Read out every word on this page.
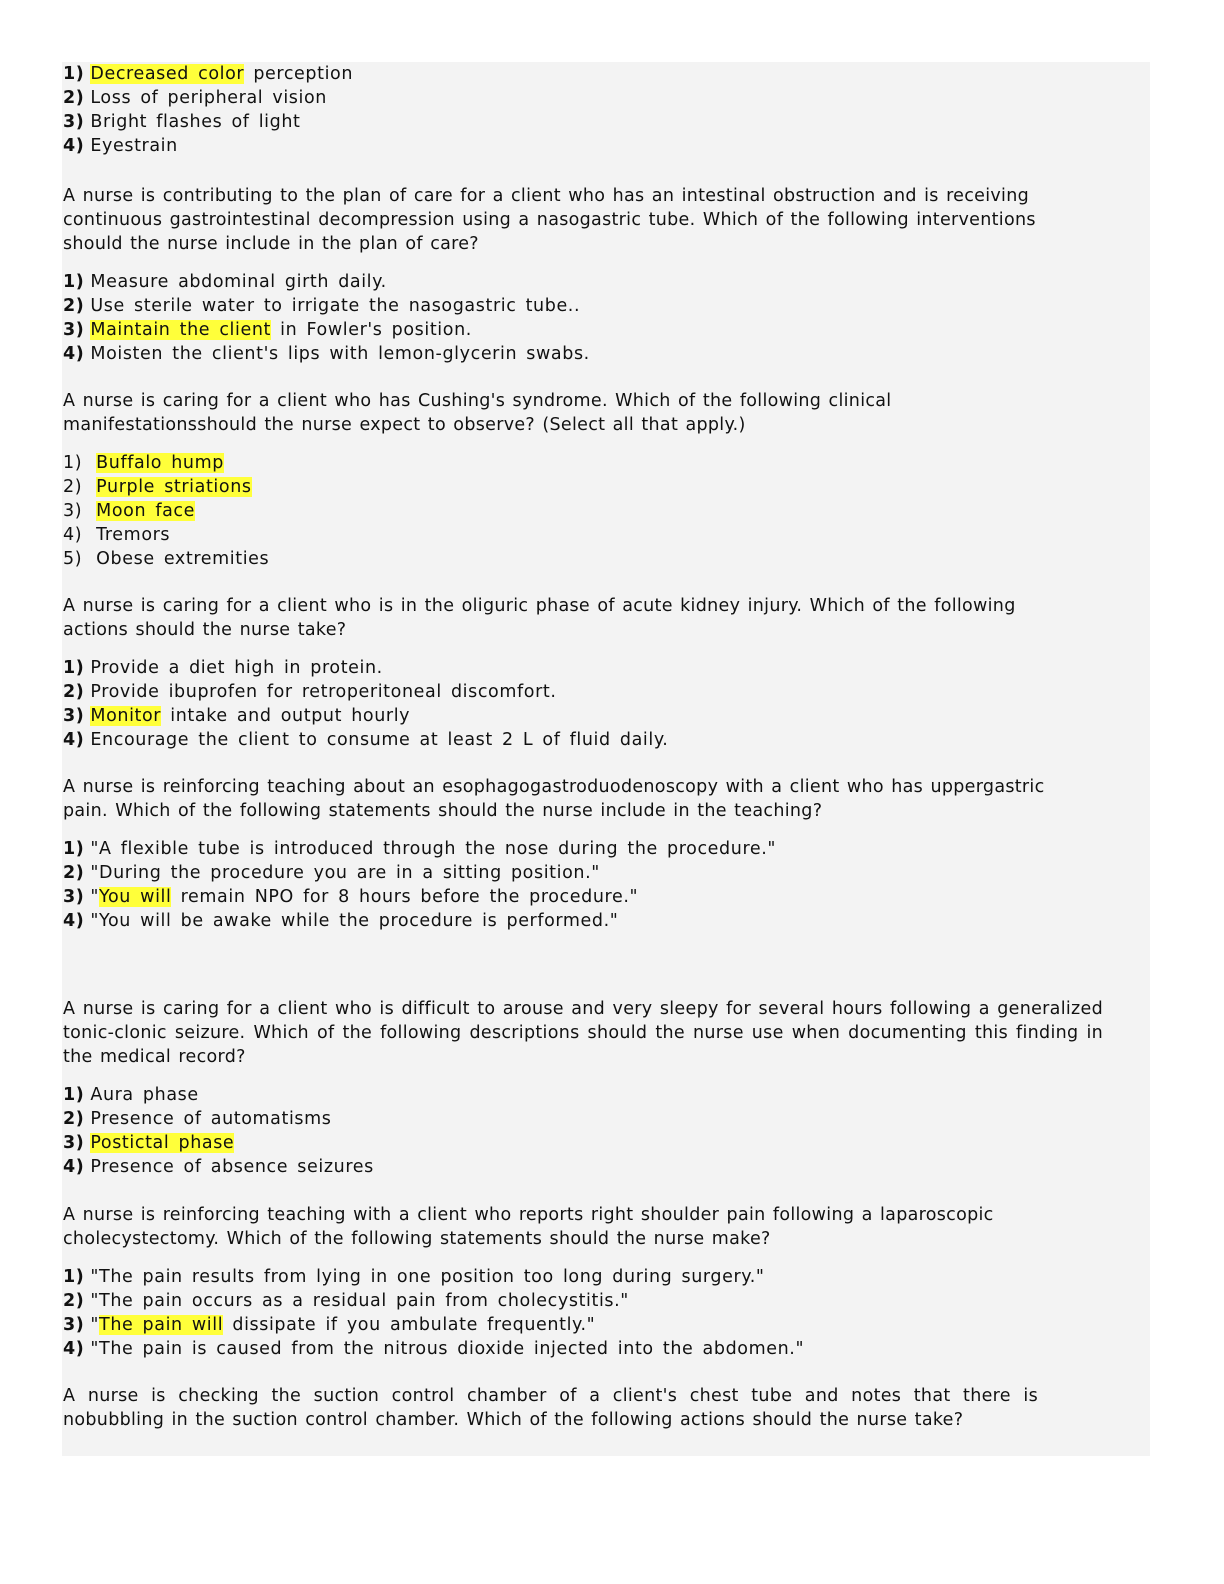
1) Decreased color perception
2) Loss of peripheral vision
3) Bright flashes of light
4) Eyestrain
A nurse is contributing to the plan of care for a client who has an intestinal obstruction and is receiving continuous gastrointestinal decompression using a nasogastric tube. Which of the following interventions should the nurse include in the plan of care?
1) Measure abdominal girth daily.
2) Use sterile water to irrigate the nasogastric tube..
3) Maintain the client in Fowler's position.
4) Moisten the client's lips with lemon-glycerin swabs.
A nurse is caring for a client who has Cushing's syndrome. Which of the following clinical manifestationsshould the nurse expect to observe? (Select all that apply.)
1) Buffalo hump
2) Purple striations
3) Moon face
4) Tremors
5) Obese extremities
A nurse is caring for a client who is in the oliguric phase of acute kidney injury. Which of the following actions should the nurse take?
1) Provide a diet high in protein.
2) Provide ibuprofen for retroperitoneal discomfort.
3) Monitor intake and output hourly
4) Encourage the client to consume at least 2 L of fluid daily.
A nurse is reinforcing teaching about an esophagogastroduodenoscopy with a client who has uppergastric pain. Which of the following statements should the nurse include in the teaching?
1) "A flexible tube is introduced through the nose during the procedure."
2) "During the procedure you are in a sitting position."
3) "You will remain NPO for 8 hours before the procedure."
4) "You will be awake while the procedure is performed."
A nurse is caring for a client who is difficult to arouse and very sleepy for several hours following a generalized tonic-clonic seizure. Which of the following descriptions should the nurse use when documenting this finding in the medical record?
1) Aura phase
2) Presence of automatisms
3) Postictal phase
4) Presence of absence seizures
A nurse is reinforcing teaching with a client who reports right shoulder pain following a laparoscopic cholecystectomy. Which of the following statements should the nurse make?
1) "The pain results from lying in one position too long during surgery."
2) "The pain occurs as a residual pain from cholecystitis."
3) "The pain will dissipate if you ambulate frequently."
4) "The pain is caused from the nitrous dioxide injected into the abdomen."
A nurse is checking the suction control chamber of a client's chest tube and notes that there is nobubbling in the suction control chamber. Which of the following actions should the nurse take?
